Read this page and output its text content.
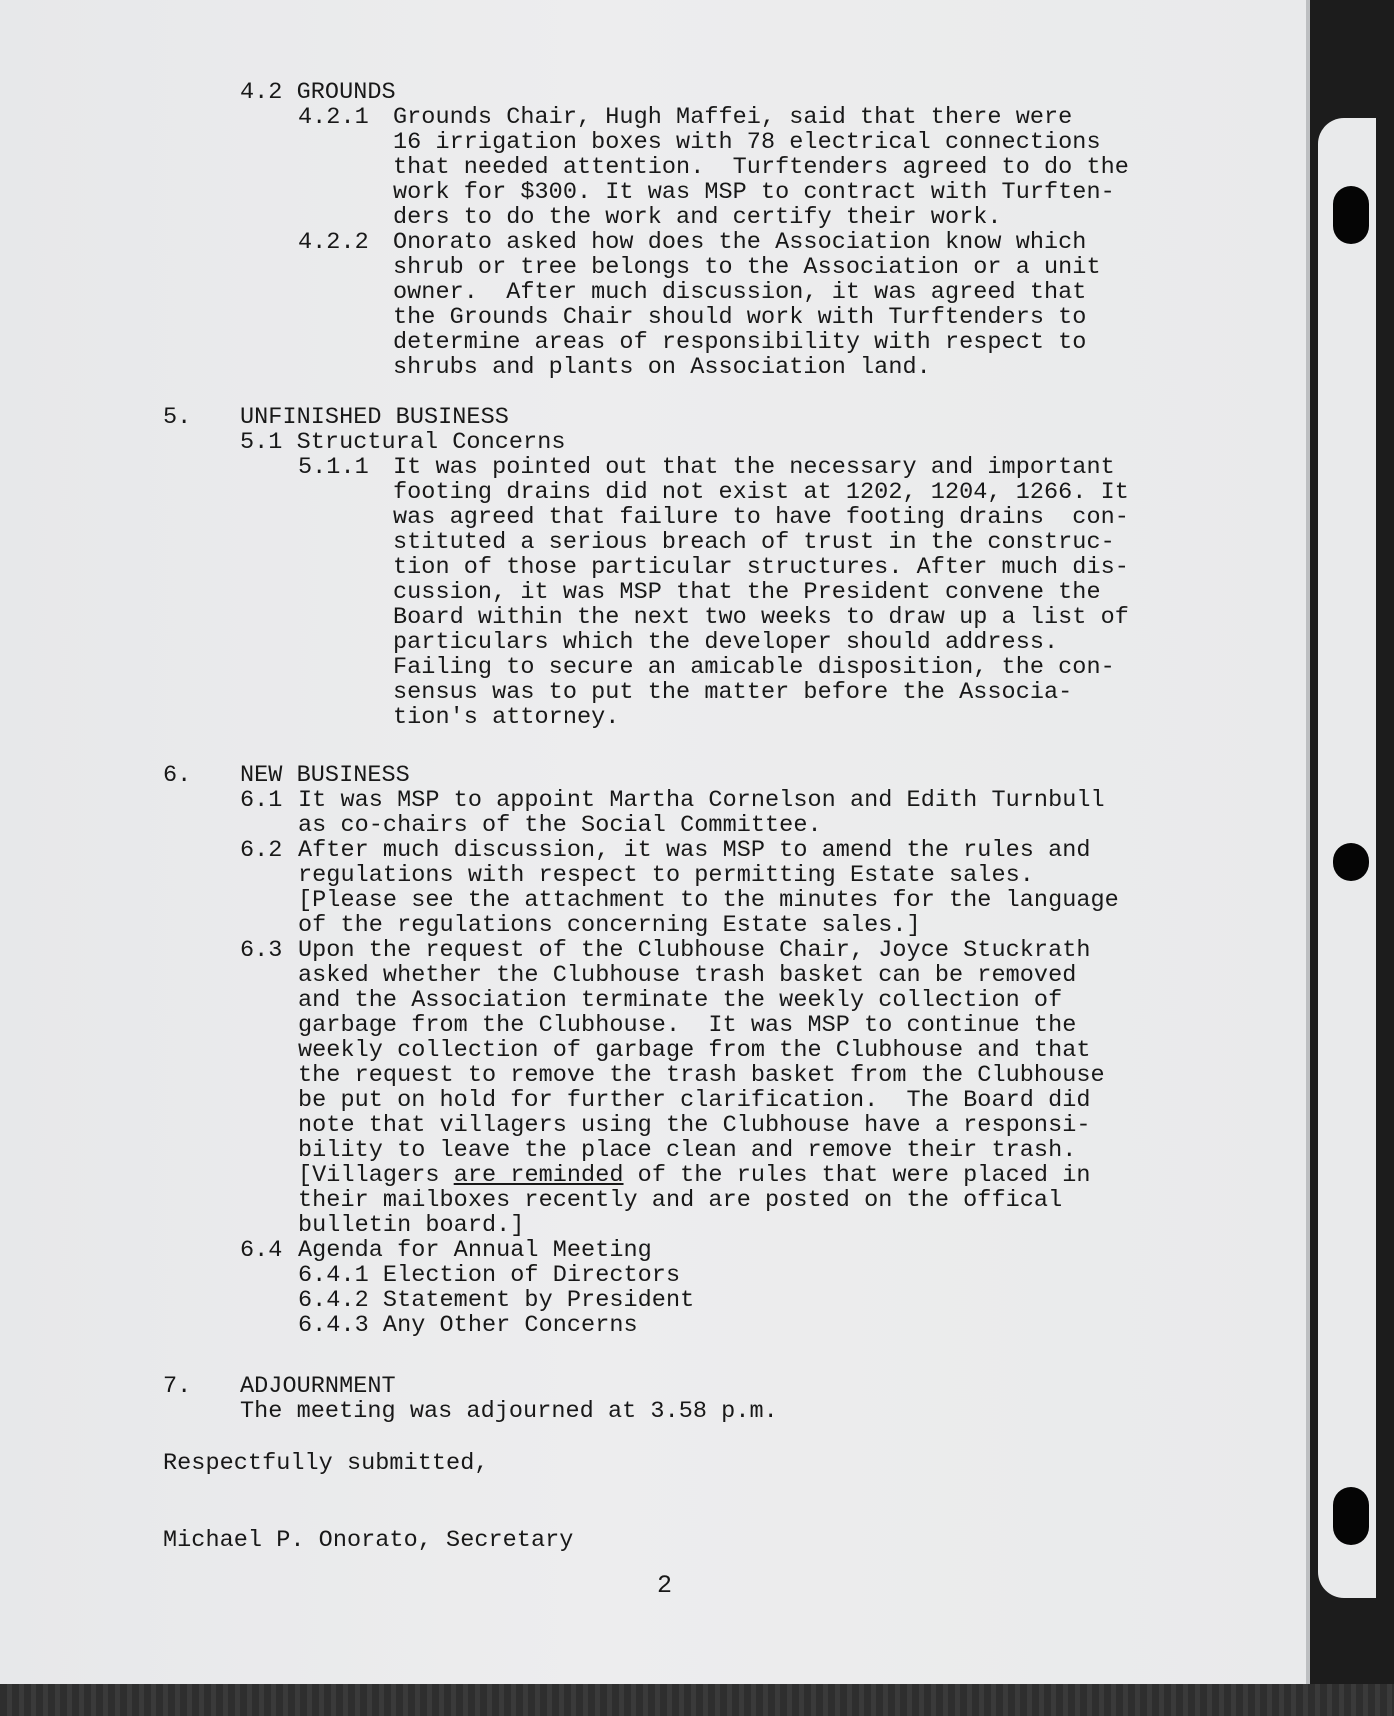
4.2 GROUNDS
4.2.1 Grounds Chair, Hugh Maffei, said that there were
16 irrigation boxes with 78 electrical connections
that needed attention.  Turftenders agreed to do the
work for $300. It was MSP to contract with Turften-
ders to do the work and certify their work.
4.2.2 Onorato asked how does the Association know which
shrub or tree belongs to the Association or a unit
owner.  After much discussion, it was agreed that
the Grounds Chair should work with Turftenders to
determine areas of responsibility with respect to
shrubs and plants on Association land.
5. UNFINISHED BUSINESS
5.1 Structural Concerns
5.1.1 It was pointed out that the necessary and important
footing drains did not exist at 1202, 1204, 1266. It
was agreed that failure to have footing drains  con-
stituted a serious breach of trust in the construc-
tion of those particular structures. After much dis-
cussion, it was MSP that the President convene the
Board within the next two weeks to draw up a list of
particulars which the developer should address.
Failing to secure an amicable disposition, the con-
sensus was to put the matter before the Associa-
tion's attorney.
6. NEW BUSINESS
6.1 It was MSP to appoint Martha Cornelson and Edith Turnbull
as co-chairs of the Social Committee.
6.2 After much discussion, it was MSP to amend the rules and
regulations with respect to permitting Estate sales.
[Please see the attachment to the minutes for the language
of the regulations concerning Estate sales.]
6.3 Upon the request of the Clubhouse Chair, Joyce Stuckrath
asked whether the Clubhouse trash basket can be removed
and the Association terminate the weekly collection of
garbage from the Clubhouse.  It was MSP to continue the
weekly collection of garbage from the Clubhouse and that
the request to remove the trash basket from the Clubhouse
be put on hold for further clarification.  The Board did
note that villagers using the Clubhouse have a responsi-
bility to leave the place clean and remove their trash.
[Villagers are reminded of the rules that were placed in
their mailboxes recently and are posted on the offical
bulletin board.]
6.4 Agenda for Annual Meeting
6.4.1 Election of Directors
6.4.2 Statement by President
6.4.3 Any Other Concerns
7. ADJOURNMENT
The meeting was adjourned at 3.58 p.m.
Respectfully submitted,
Michael P. Onorato, Secretary
2
